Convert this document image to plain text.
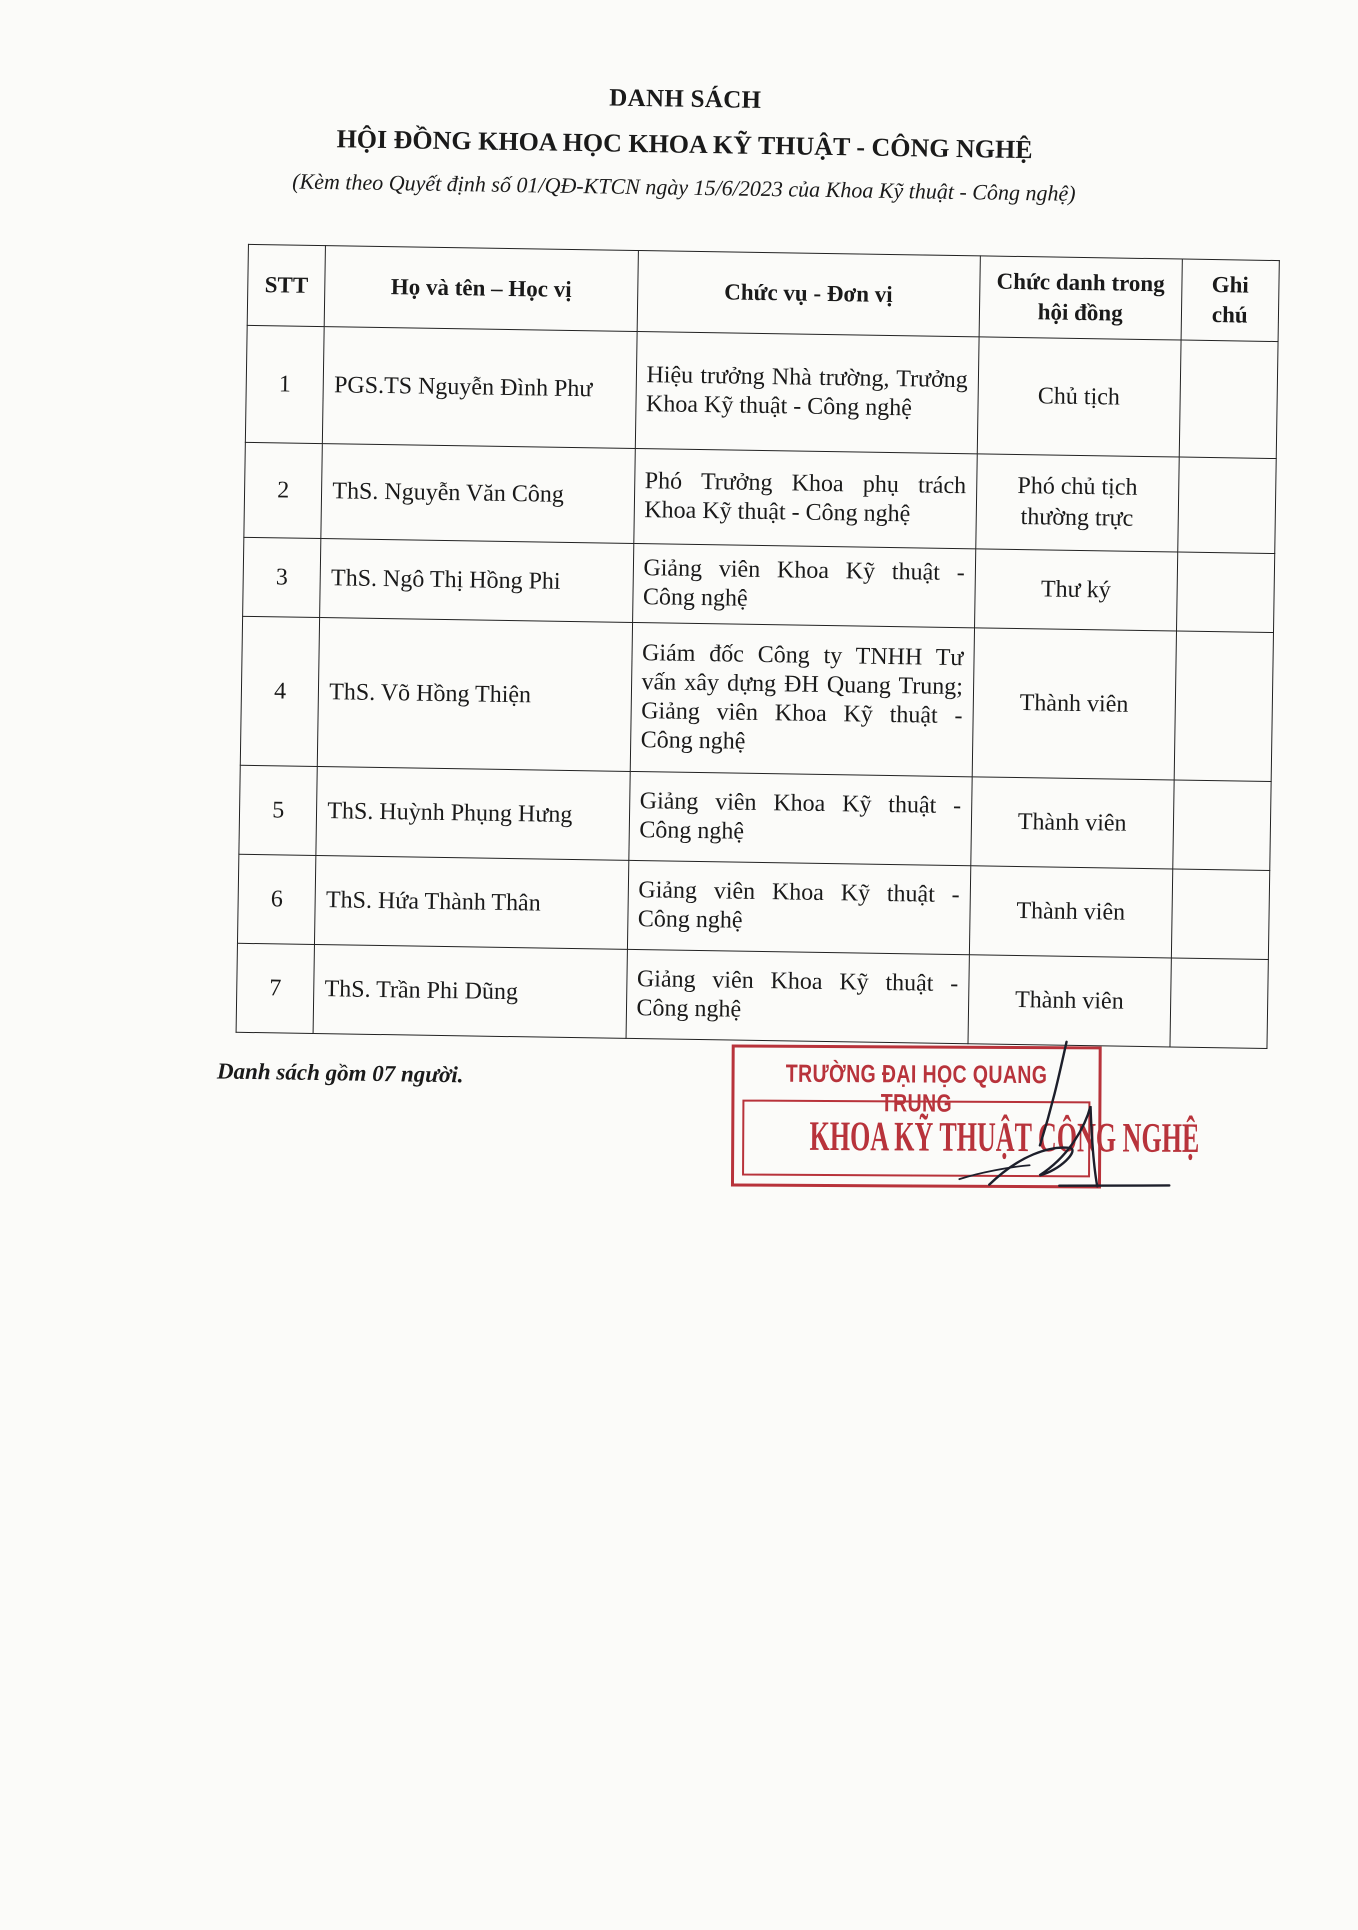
DANH SÁCH
HỘI ĐỒNG KHOA HỌC KHOA KỸ THUẬT - CÔNG NGHỆ
(Kèm theo Quyết định số 01/QĐ-KTCN ngày 15/6/2023 của Khoa Kỹ thuật - Công nghệ)
STT	Họ và tên – Học vị	Chức vụ - Đơn vị	Chức danh trong hội đồng	Ghi chú
1	PGS.TS Nguyễn Đình Phư	Hiệu trưởng Nhà trường, Trưởng Khoa Kỹ thuật - Công nghệ	Chủ tịch	
2	ThS. Nguyễn Văn Công	Phó Trưởng Khoa phụ trách Khoa Kỹ thuật - Công nghệ	Phó chủ tịch thường trực	
3	ThS. Ngô Thị Hồng Phi	Giảng viên Khoa Kỹ thuật - Công nghệ	Thư ký	
4	ThS. Võ Hồng Thiện	Giám đốc Công ty TNHH Tư vấn xây dựng ĐH Quang Trung; Giảng viên Khoa Kỹ thuật - Công nghệ	Thành viên	
5	ThS. Huỳnh Phụng Hưng	Giảng viên Khoa Kỹ thuật - Công nghệ	Thành viên	
6	ThS. Hứa Thành Thân	Giảng viên Khoa Kỹ thuật - Công nghệ	Thành viên	
7	ThS. Trần Phi Dũng	Giảng viên Khoa Kỹ thuật - Công nghệ	Thành viên	
Danh sách gồm 07 người.	TRƯỜNG ĐẠI HỌC QUANG TRUNG
KHOA KỸ THUẬT CÔNG NGHỆ
